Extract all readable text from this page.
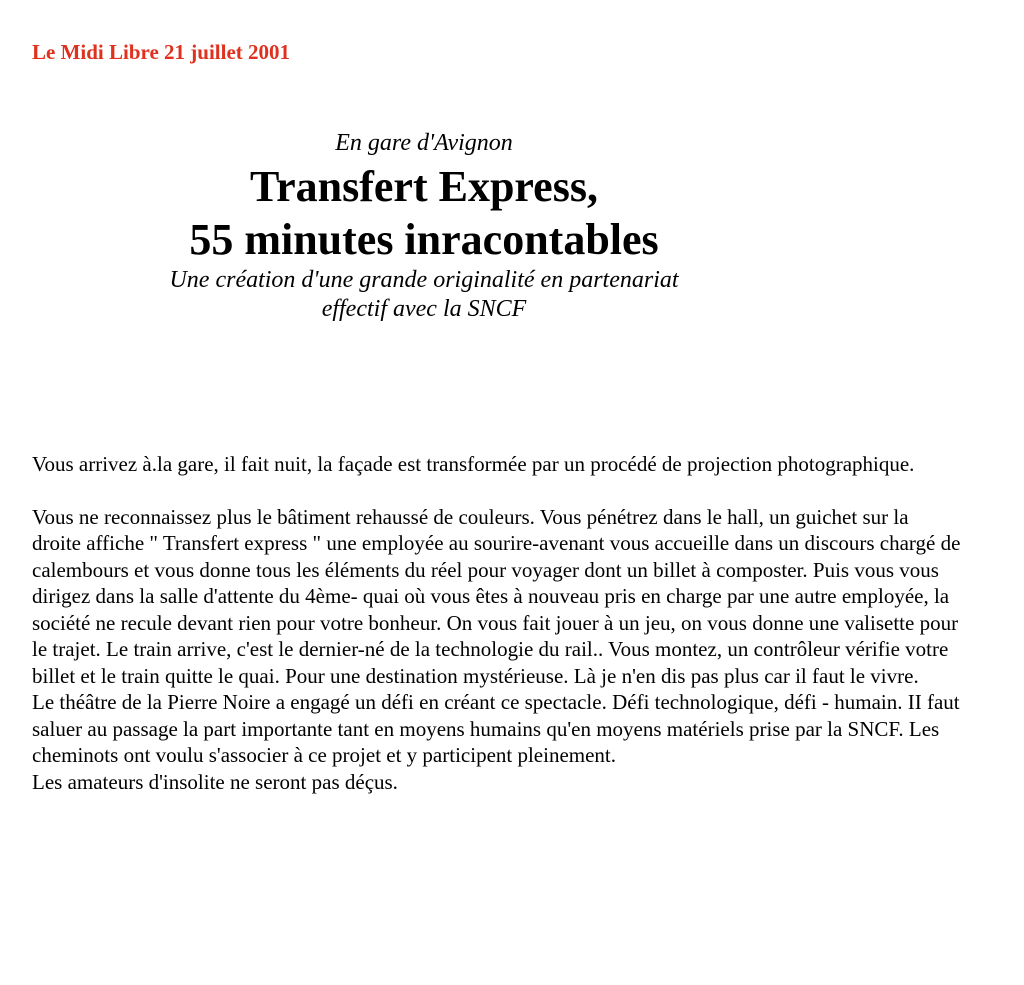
Le Midi Libre 21 juillet 2001

En gare d'Avignon

Transfert Express,
55 minutes inracontables

Une création d'une grande originalité en partenariat
effectif avec la SNCF

Vous arrivez à.la gare, il fait nuit, la façade est transformée par un procédé de projection photographique.

Vous ne reconnaissez plus le bâtiment rehaussé de couleurs. Vous pénétrez dans le hall, un guichet sur la droite affiche " Transfert express " une employée au sourire-avenant vous accueille dans un discours chargé de calembours et vous donne tous les éléments du réel pour voyager dont un billet à composter. Puis vous vous dirigez dans la salle d'attente du 4ème- quai où vous êtes à nouveau pris en charge par une autre employée, la société ne recule devant rien pour votre bonheur. On vous fait jouer à un jeu, on vous donne une valisette pour le trajet. Le train arrive, c'est le dernier-né de la technologie du rail.. Vous montez, un contrôleur vérifie votre billet et le train quitte le quai. Pour une destination mystérieuse. Là je n'en dis pas plus car il faut le vivre.

Le théâtre de la Pierre Noire a engagé un défi en créant ce spectacle. Défi technologique, défi - humain. II faut saluer au passage la part importante tant en moyens humains qu'en moyens matériels prise par la SNCF. Les cheminots ont voulu s'associer à ce projet et y participent pleinement.

Les amateurs d'insolite ne seront pas déçus.
